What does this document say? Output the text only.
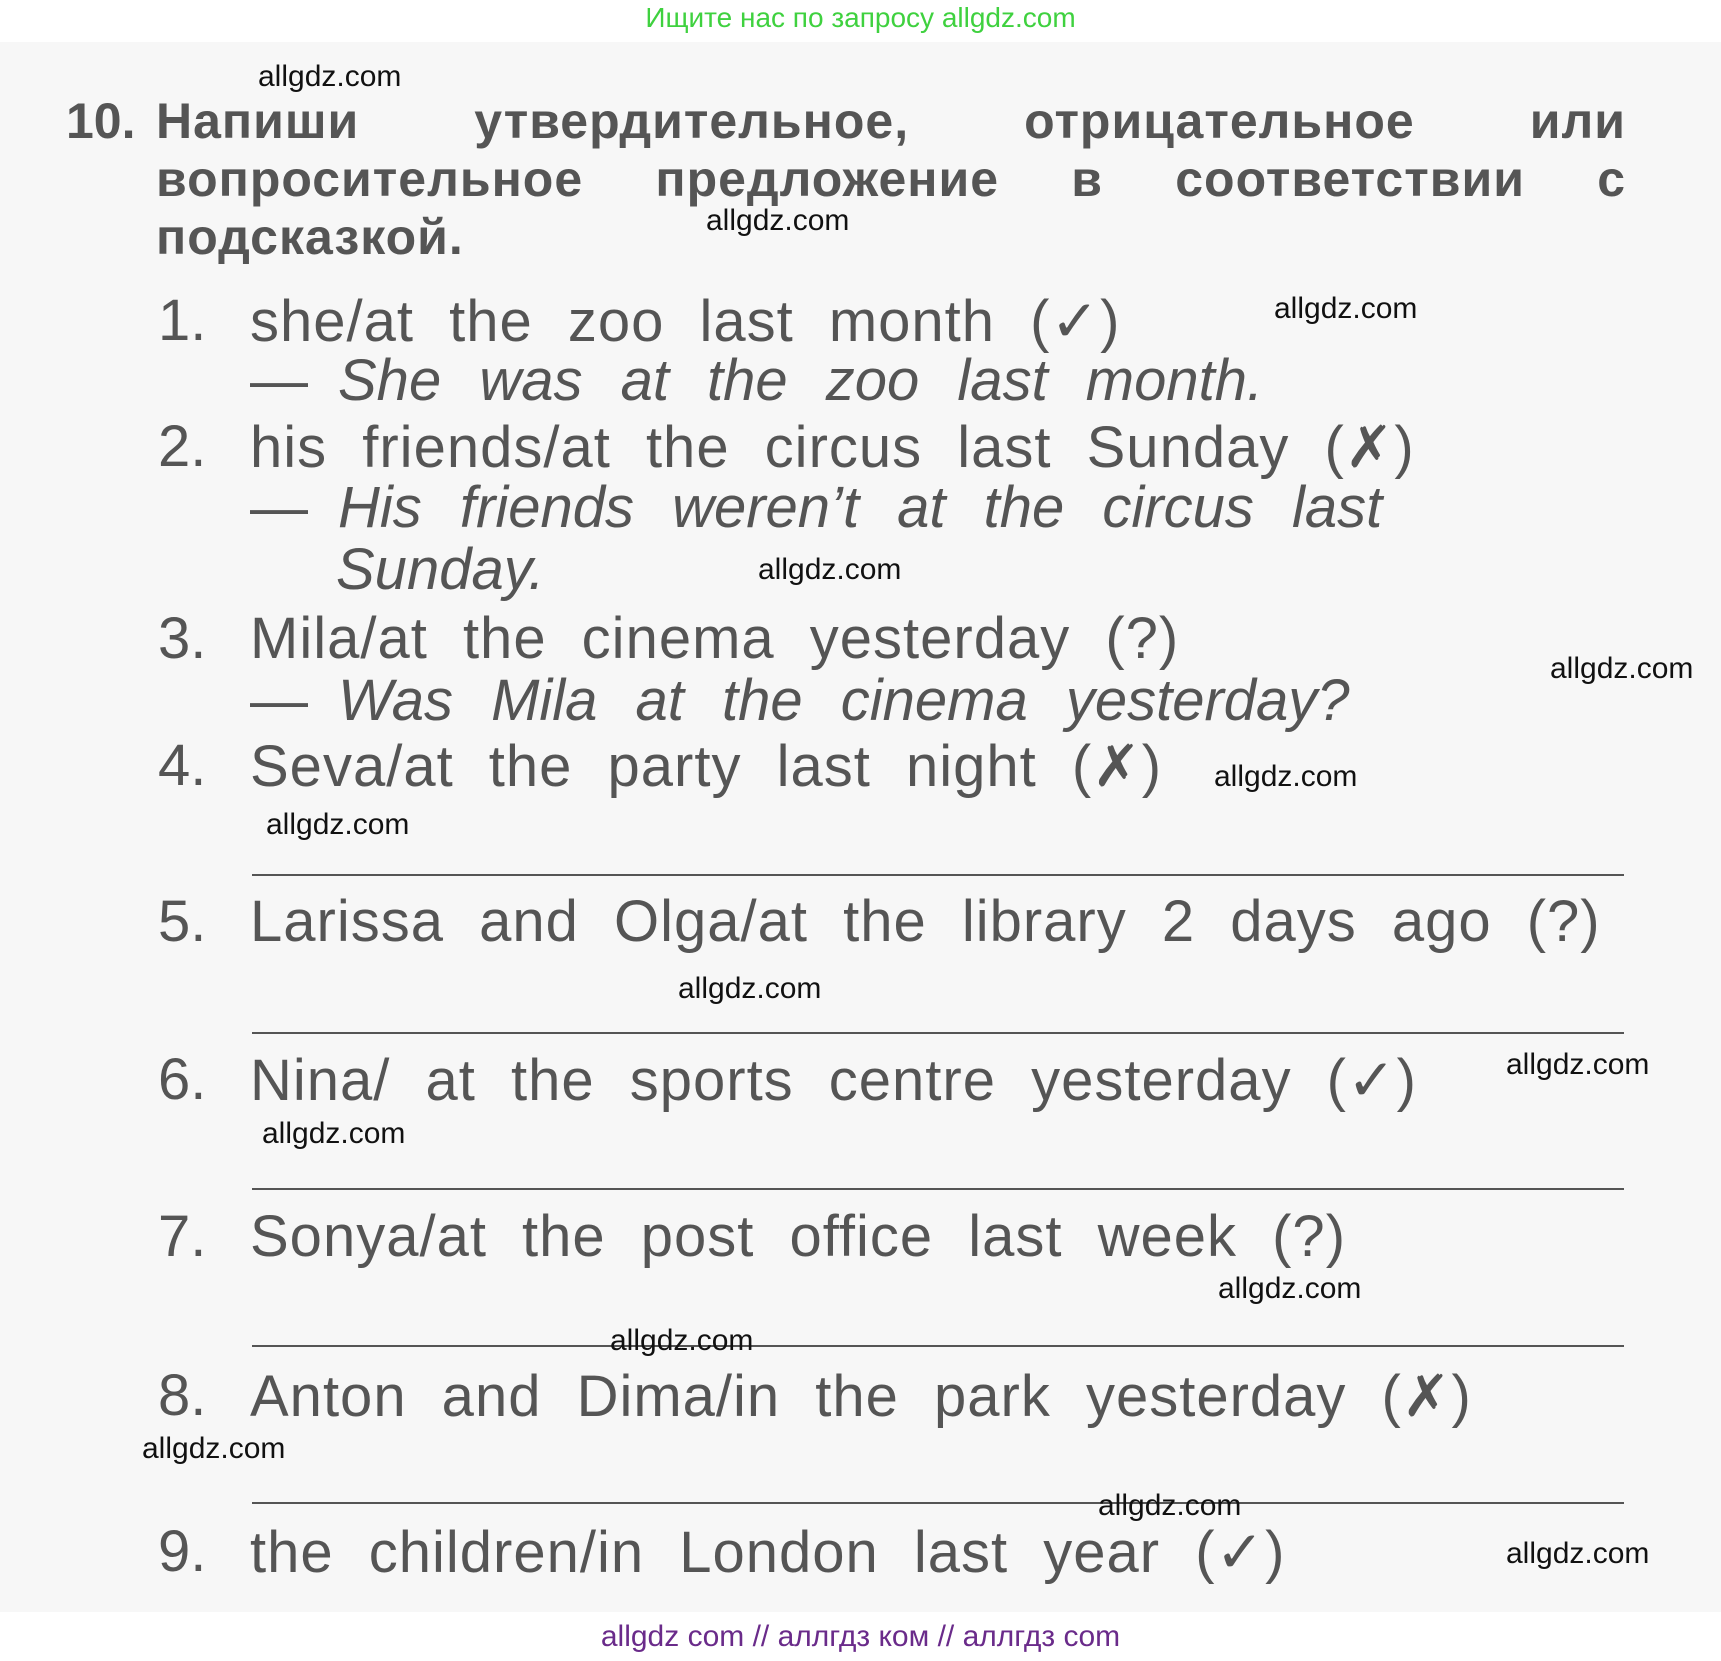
Ищите нас по запросу allgdz.com
10. Напиши утвердительное, отрицательное или вопросительное предложение в соответствии с подсказкой.
1. she/at the zoo last month (✓)
— She was at the zoo last month.
2. his friends/at the circus last Sunday (✗)
— His friends weren’t at the circus last
Sunday.
3. Mila/at the cinema yesterday (?)
— Was Mila at the cinema yesterday?
4. Seva/at the party last night (✗)
5. Larissa and Olga/at the library 2 days ago (?)
6. Nina/ at the sports centre yesterday (✓)
7. Sonya/at the post office last week (?)
8. Anton and Dima/in the park yesterday (✗)
9. the children/in London last year (✓)
allgdz.com
allgdz.com
allgdz.com
allgdz.com
allgdz.com
allgdz.com
allgdz.com
allgdz.com
allgdz.com
allgdz.com
allgdz.com
allgdz.com
allgdz.com
allgdz.com
allgdz.com
allgdz com // аллгдз ком // аллгдз com
